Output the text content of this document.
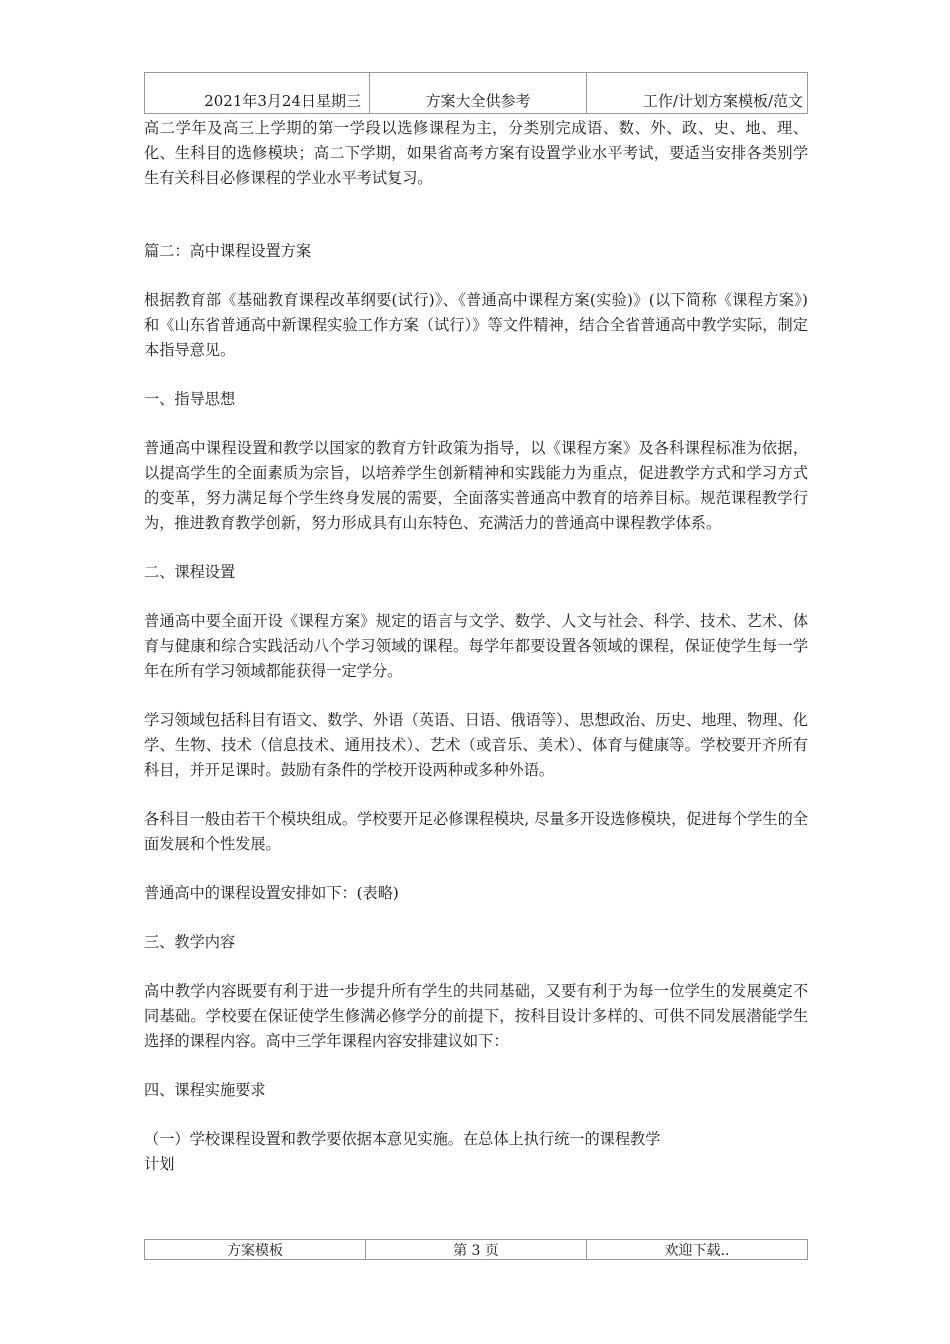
2021年3月24日星期三	方案大全供参考	工作/计划方案模板/范文

高二学年及高三上学期的第一学段以选修课程为主，分类别完成语、数、外、政、史、地、理、化、生科目的选修模块；高二下学期，如果省高考方案有设置学业水平考试，要适当安排各类别学生有关科目必修课程的学业水平考试复习。

篇二：高中课程设置方案

根据教育部《基础教育课程改革纲要(试行)》、《普通高中课程方案(实验)》(以下简称《课程方案》)和《山东省普通高中新课程实验工作方案（试行）》等文件精神，结合全省普通高中教学实际，制定本指导意见。

一、指导思想

普通高中课程设置和教学以国家的教育方针政策为指导，以《课程方案》及各科课程标准为依据，以提高学生的全面素质为宗旨，以培养学生创新精神和实践能力为重点，促进教学方式和学习方式的变革，努力满足每个学生终身发展的需要，全面落实普通高中教育的培养目标。规范课程教学行为，推进教育教学创新，努力形成具有山东特色、充满活力的普通高中课程教学体系。

二、课程设置

普通高中要全面开设《课程方案》规定的语言与文学、数学、人文与社会、科学、技术、艺术、体育与健康和综合实践活动八个学习领域的课程。每学年都要设置各领域的课程，保证使学生每一学年在所有学习领域都能获得一定学分。

学习领域包括科目有语文、数学、外语（英语、日语、俄语等）、思想政治、历史、地理、物理、化学、生物、技术（信息技术、通用技术）、艺术（或音乐、美术）、体育与健康等。学校要开齐所有科目，并开足课时。鼓励有条件的学校开设两种或多种外语。

各科目一般由若干个模块组成。学校要开足必修课程模块, 尽量多开设选修模块，促进每个学生的全面发展和个性发展。

普通高中的课程设置安排如下：(表略)

三、教学内容

高中教学内容既要有利于进一步提升所有学生的共同基础，又要有利于为每一位学生的发展奠定不同基础。学校要在保证使学生修满必修学分的前提下，按科目设计多样的、可供不同发展潜能学生选择的课程内容。高中三学年课程内容安排建议如下：

四、课程实施要求

（一）学校课程设置和教学要依据本意见实施。在总体上执行统一的课程教学

计划

方案模板	第 3 页	欢迎下载..
